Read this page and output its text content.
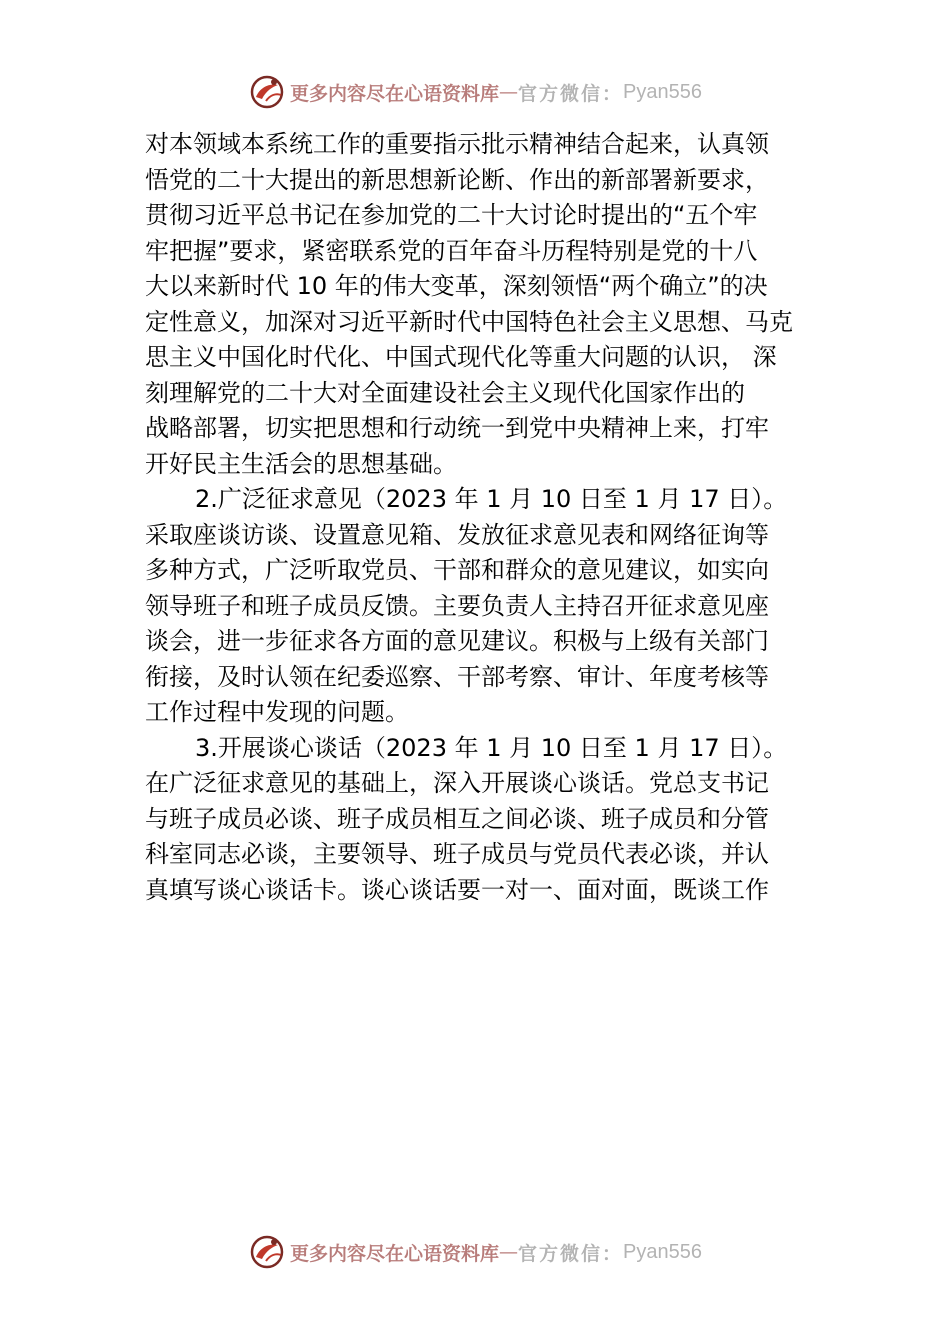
更多内容尽在心语资料库 — 官方微信： Pyan556
对本领域本系统工作的重要指示批示精神结合起来，认真领
悟党的二十大提出的新思想新论断、作出的新部署新要求，
贯彻习近平总书记在参加党的二十大讨论时提出的“五个牢
牢把握”要求，紧密联系党的百年奋斗历程特别是党的十八
大以来新时代 10 年的伟大变革，深刻领悟“两个确立”的决
定性意义，加深对习近平新时代中国特色社会主义思想、马克
思主义中国化时代化、中国式现代化等重大问题的认识， 深
刻理解党的二十大对全面建设社会主义现代化国家作出的
战略部署，切实把思想和行动统一到党中央精神上来，打牢
开好民主生活会的思想基础。
2.广泛征求意见（2023 年 1 月 10 日至 1 月 17 日）。
采取座谈访谈、设置意见箱、发放征求意见表和网络征询等
多种方式，广泛听取党员、干部和群众的意见建议，如实向
领导班子和班子成员反馈。主要负责人主持召开征求意见座
谈会，进一步征求各方面的意见建议。积极与上级有关部门
衔接，及时认领在纪委巡察、干部考察、审计、年度考核等
工作过程中发现的问题。
3.开展谈心谈话（2023 年 1 月 10 日至 1 月 17 日）。
在广泛征求意见的基础上，深入开展谈心谈话。党总支书记
与班子成员必谈、班子成员相互之间必谈、班子成员和分管
科室同志必谈，主要领导、班子成员与党员代表必谈，并认
真填写谈心谈话卡。谈心谈话要一对一、面对面，既谈工作
更多内容尽在心语资料库 — 官方微信： Pyan556
